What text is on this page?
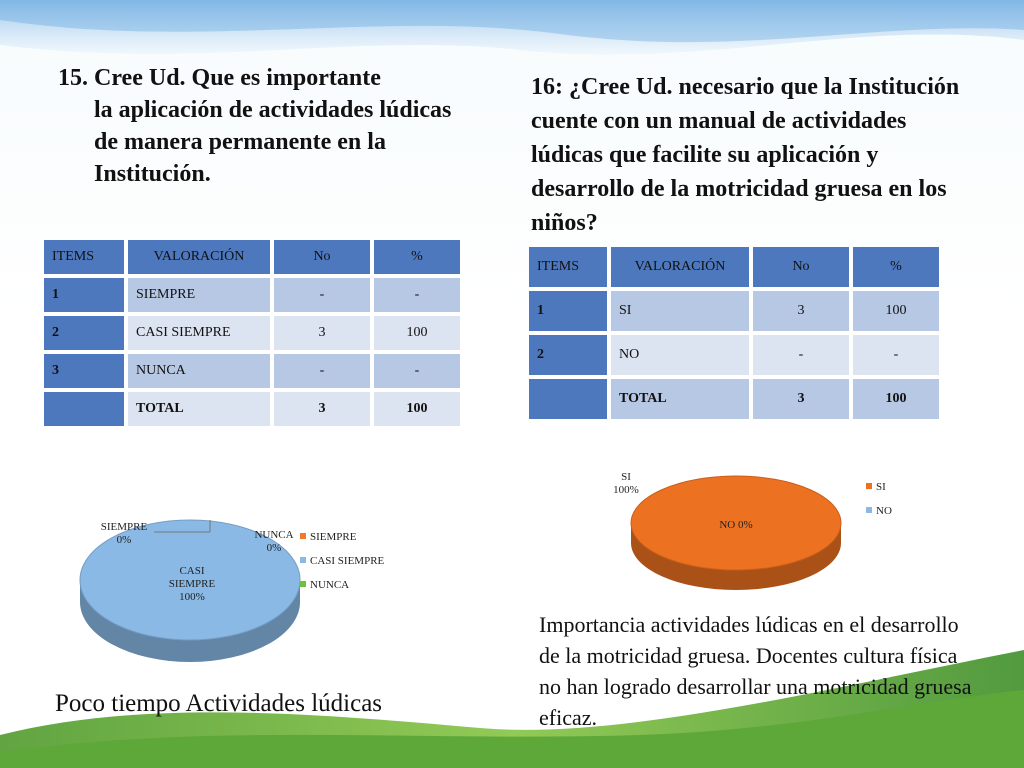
15. Cree Ud. Que es importante
la aplicación de actividades lúdicas de manera permanente en la Institución.
16: ¿Cree Ud. necesario que la Institución cuente con un manual de actividades lúdicas que facilite su aplicación y desarrollo de la motricidad gruesa en los niños?
ITEMS	VALORACIÓN	No	%
1	SIEMPRE	-	-
2	CASI SIEMPRE	3	100
3	NUNCA	-	-
	TOTAL	3	100
ITEMS	VALORACIÓN	No	%
1	SI	3	100
2	NO	-	-
	TOTAL	3	100
SIEMPRE 0%
CASI SIEMPRE 100%
NUNCA 0%
SIEMPRE
CASI SIEMPRE
NUNCA
SI 100%
NO 0%
SI
NO

Poco tiempo Actividades lúdicas

Importancia actividades lúdicas en el desarrollo de la motricidad gruesa. Docentes cultura física no han logrado desarrollar una motricidad gruesa eficaz.
